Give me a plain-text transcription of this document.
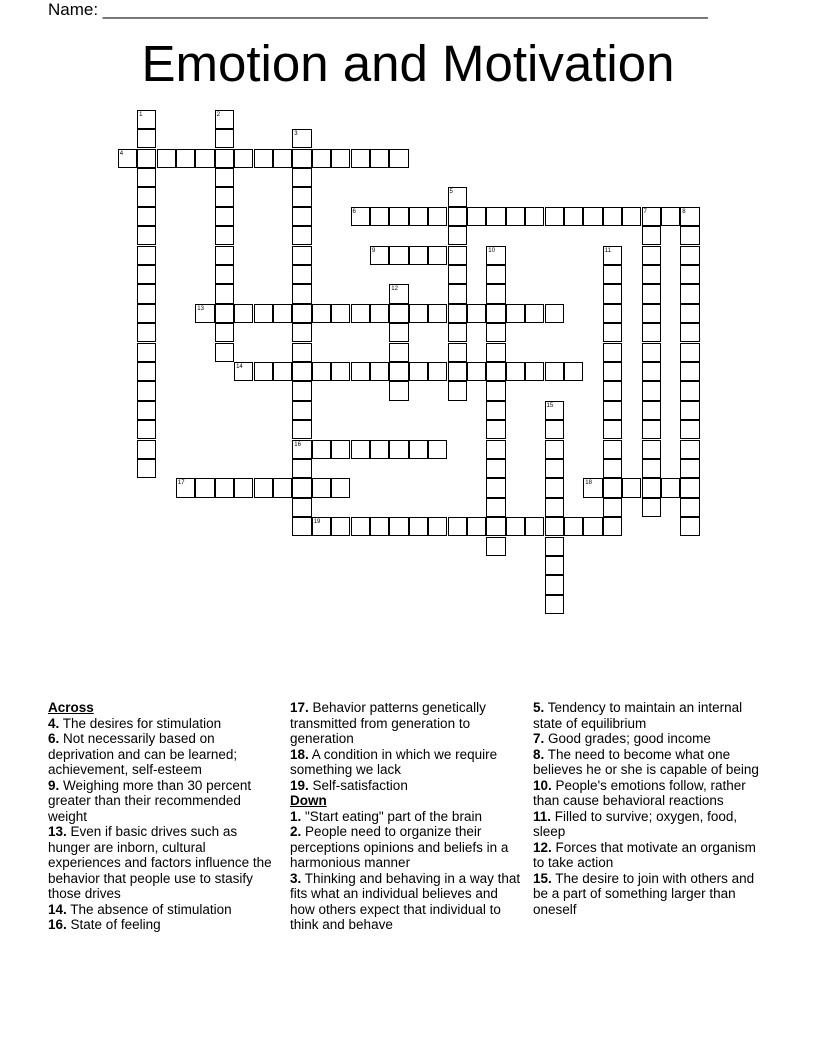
Name: ________________________________________________________________
Emotion and Motivation
1	2
3
16
4
5
6	7	8
9	10	11
12
13
14
15
17	18
19
Across
4. The desires for stimulation
6. Not necessarily based on deprivation and can be learned; achievement, self-esteem
9. Weighing more than 30 percent greater than their recommended weight
13. Even if basic drives such as hunger are inborn, cultural experiences and factors influence the behavior that people use to stasify those drives
14. The absence of stimulation
16. State of feeling
17. Behavior patterns genetically transmitted from generation to generation
18. A condition in which we require something we lack
19. Self-satisfaction
Down
1. "Start eating" part of the brain
2. People need to organize their perceptions opinions and beliefs in a harmonious manner
3. Thinking and behaving in a way that fits what an individual believes and how others expect that individual to think and behave
5. Tendency to maintain an internal state of equilibrium
7. Good grades; good income
8. The need to become what one believes he or she is capable of being
10. People's emotions follow, rather than cause behavioral reactions
11. Filled to survive; oxygen, food, sleep
12. Forces that motivate an organism to take action
15. The desire to join with others and be a part of something larger than oneself
